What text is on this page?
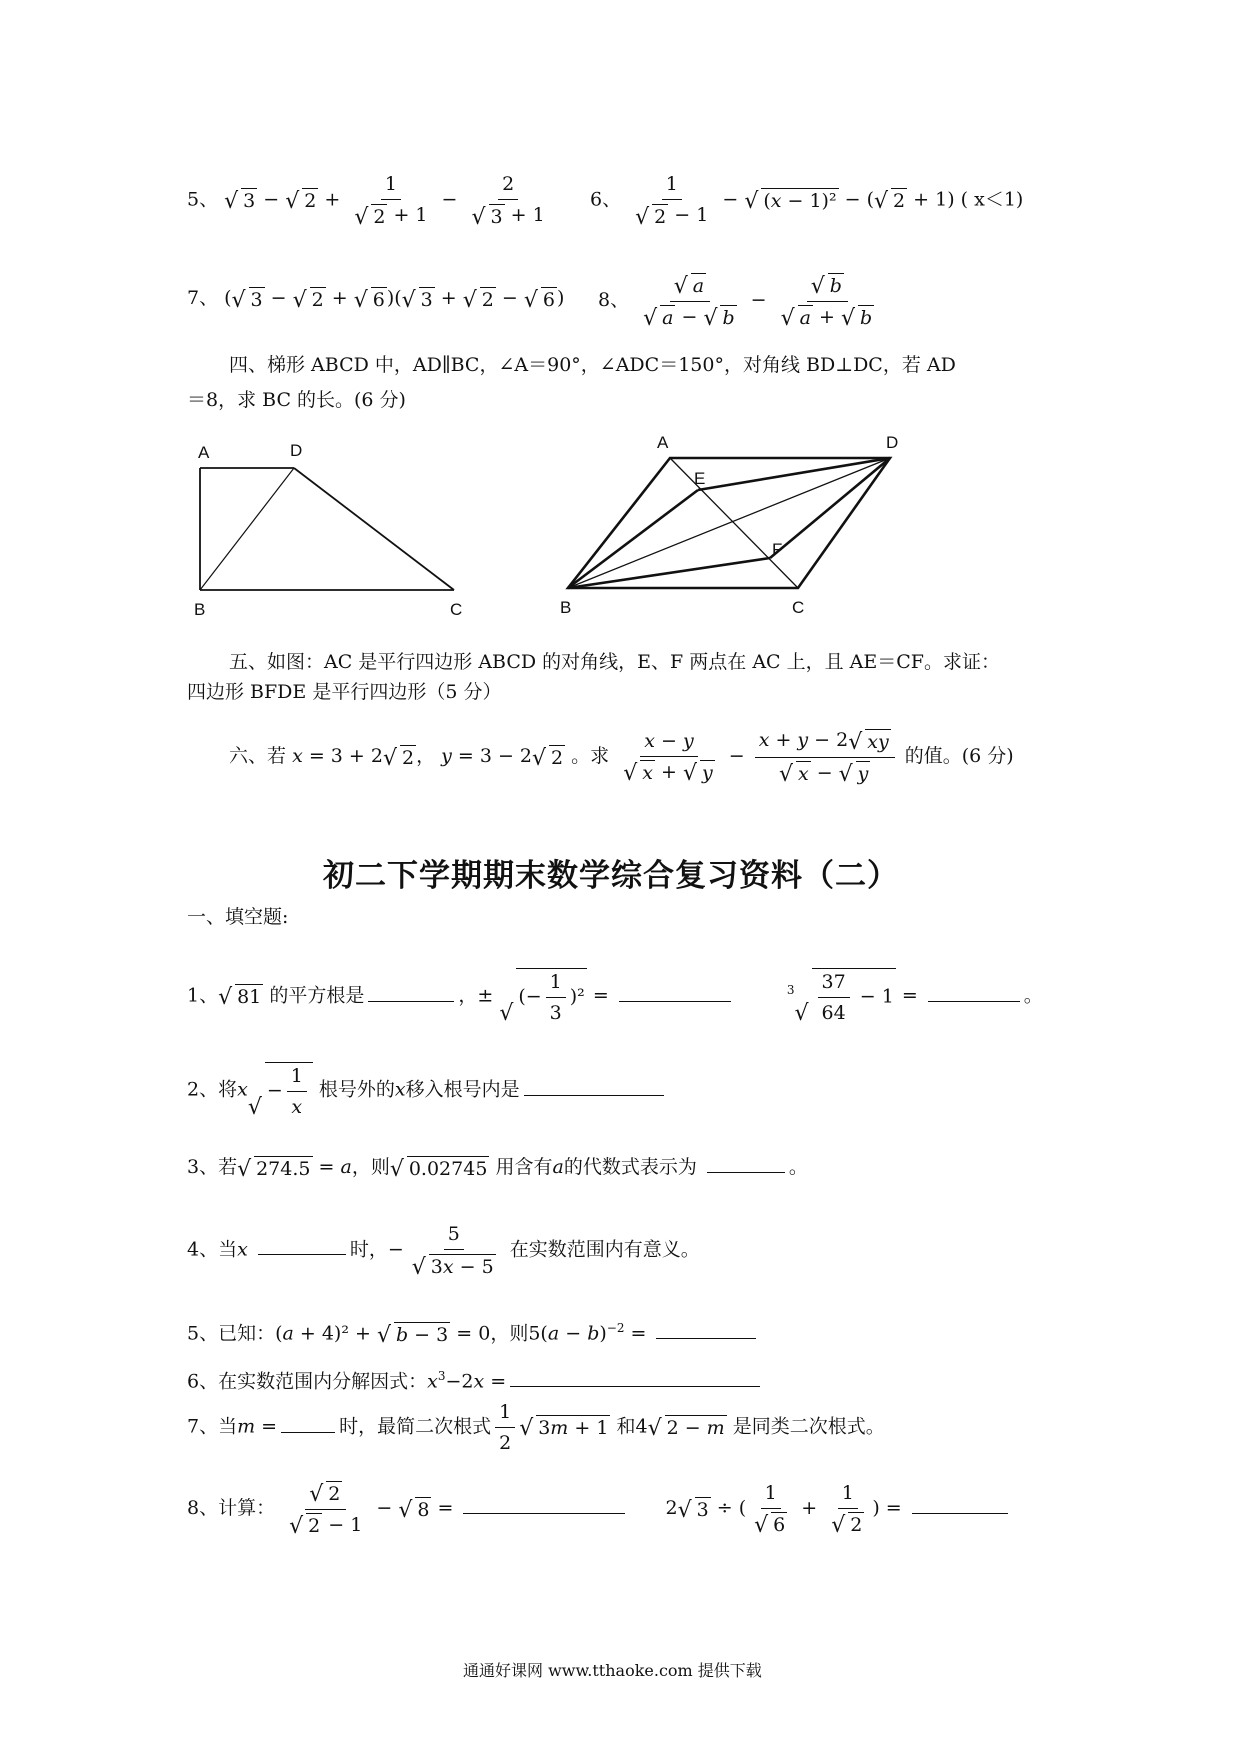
5、 √ 3 − √ 2 + 1
√ 2 + 1 − 2
√ 3 + 1 6、 1
√ 2 − 1 − √ (x − 1)² − (√ 2 + 1) ( x＜1)
7、 (√ 3 − √ 2 + √ 6 )(√ 3 + √ 2 − √ 6 ) 8、
√ a
√ a − √ b −
√ b
√ a + √ b
四、梯形 ABCD 中，AD∥BC，∠A＝90°，∠ADC＝150°，对角线 BD⊥DC，若 AD
＝8，求 BC 的长。(6 分)
A	D
B	C
A	D
E
F
B	C
五、如图：AC 是平行四边形 ABCD 的对角线，E、F 两点在 AC 上，且 AE＝CF。求证：
四边形 BFDE 是平行四边形（5 分）
六、若 x = 3 + 2√ 2 ， y = 3 − 2√ 2 。求 x − y
√ x + √ y − x + y − 2√ xy
√ x − √ y 的值。(6 分)
初二下学期期末数学综合复习资料（二）
一、填空题:
1、√ 81 的平方根是	，± √ (− $\frac{1}{3} )^2$ =	$^3$
√ $\frac{37}{64} - 1$ =	。
2、将$x√ - \frac{1}{x}$ 根号外的x移入根号内是
3、若√ 274.5 = a，则√ 0.02745 用含有a的代数式表示为	。
4、当x	时，− 5
√ 3x − 5 在实数范围内有意义。
5、已知：(a + 4)² + √ b − 3 = 0，则$5(a - b)^{-2}$ =
6、在实数范围内分解因式：$x^3-2x$ =
7、当m =	时，最简二次根式 $\frac{1}{2}$
√ 3m + 1 和4√ 2 − m 是同类二次根式。
8、计算：
√ 2
√ 2 − 1 − √ 8 =	2√ 3 ÷ ( 1
√ 6 + 1
√ 2 ) =
通通好课网 www.tthaoke.com 提供下载
